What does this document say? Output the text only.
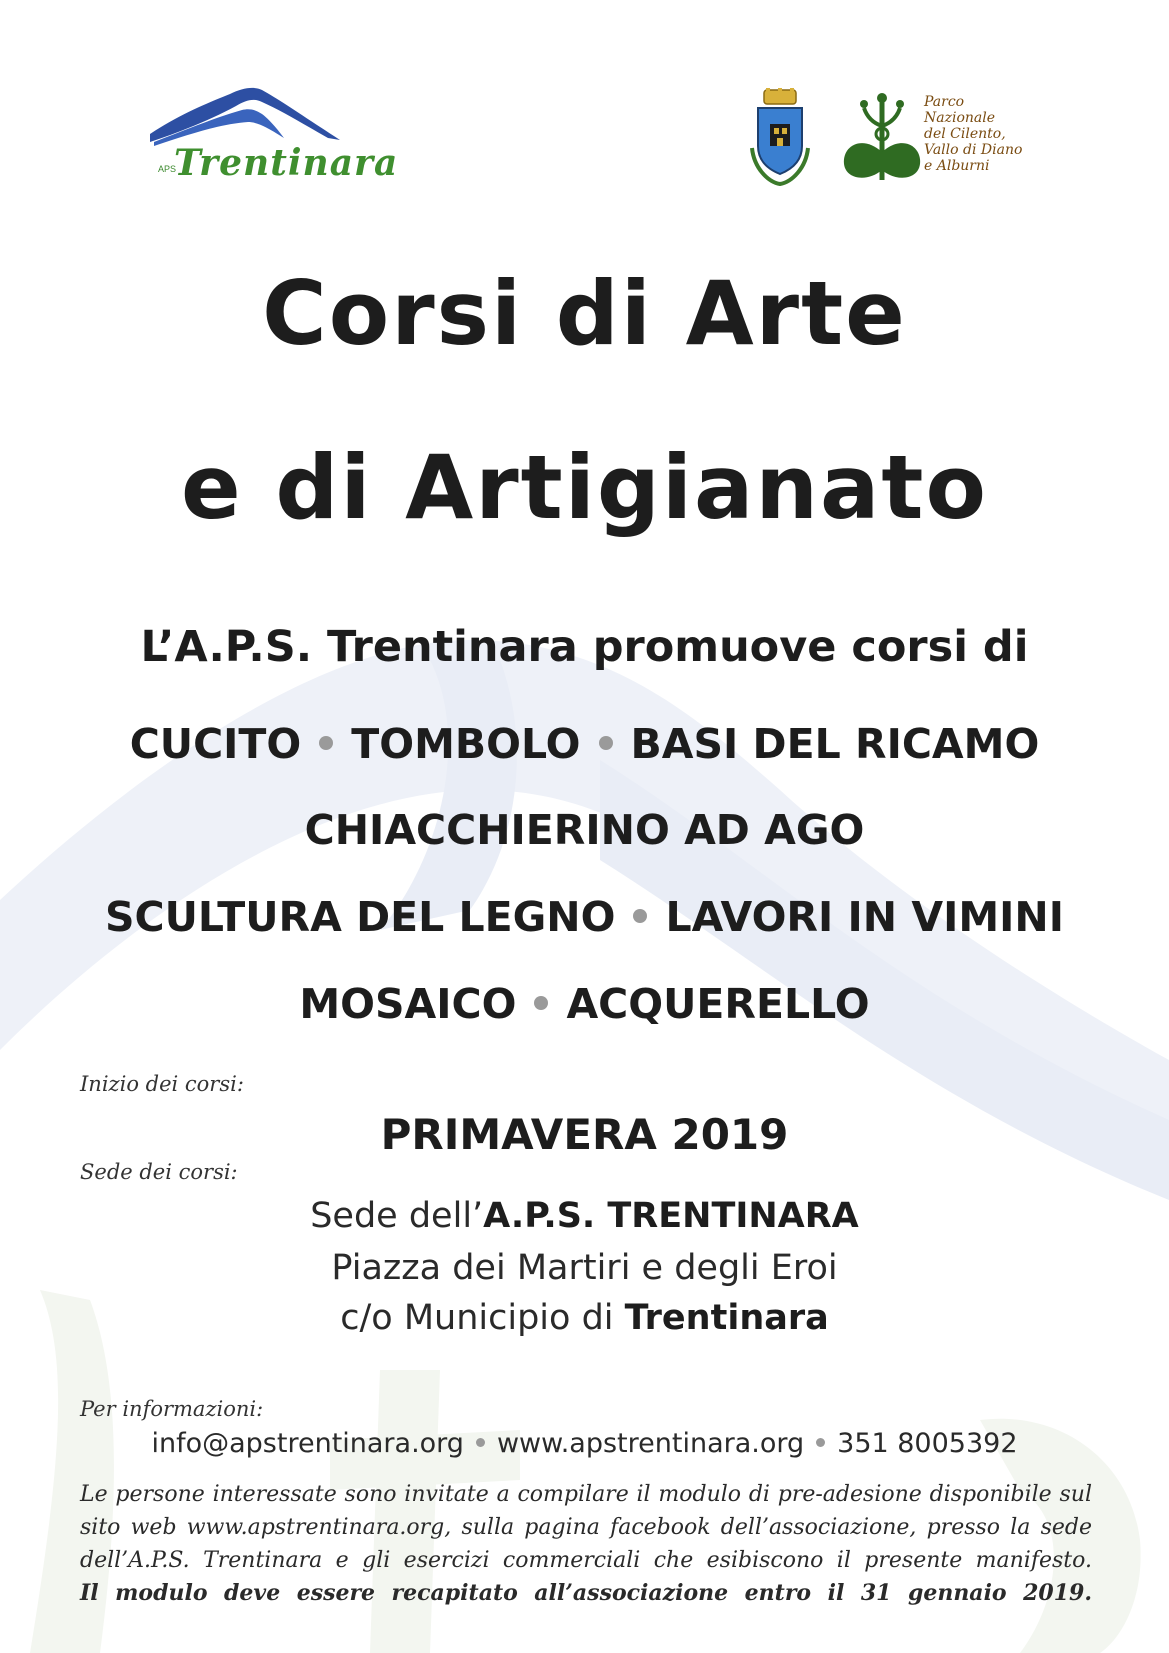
APS
Trentinara
Parco Nazionale
del Cilento,
Vallo di Diano
e Alburni
Corsi di Arte
e di Artigianato
L’A.P.S. Trentinara promuove corsi di
CUCITO TOMBOLO BASI DEL RICAMO
CHIACCHIERINO AD AGO
SCULTURA DEL LEGNO LAVORI IN VIMINI
MOSAICO ACQUERELLO
Inizio dei corsi:
PRIMAVERA 2019
Sede dei corsi:
Sede dell’A.P.S. TRENTINARA
Piazza dei Martiri e degli Eroi
c/o Municipio di Trentinara
Per informazioni:
info@apstrentinara.org www.apstrentinara.org 351 8005392

Le persone interessate sono invitate a compilare il modulo di pre-adesione disponibile sul

sito web www.apstrentinara.org, sulla pagina facebook dell’associazione, presso la sede

dell’A.P.S. Trentinara e gli esercizi commerciali che esibiscono il presente manifesto.

Il modulo deve essere recapitato all’associazione entro il 31 gennaio 2019.
